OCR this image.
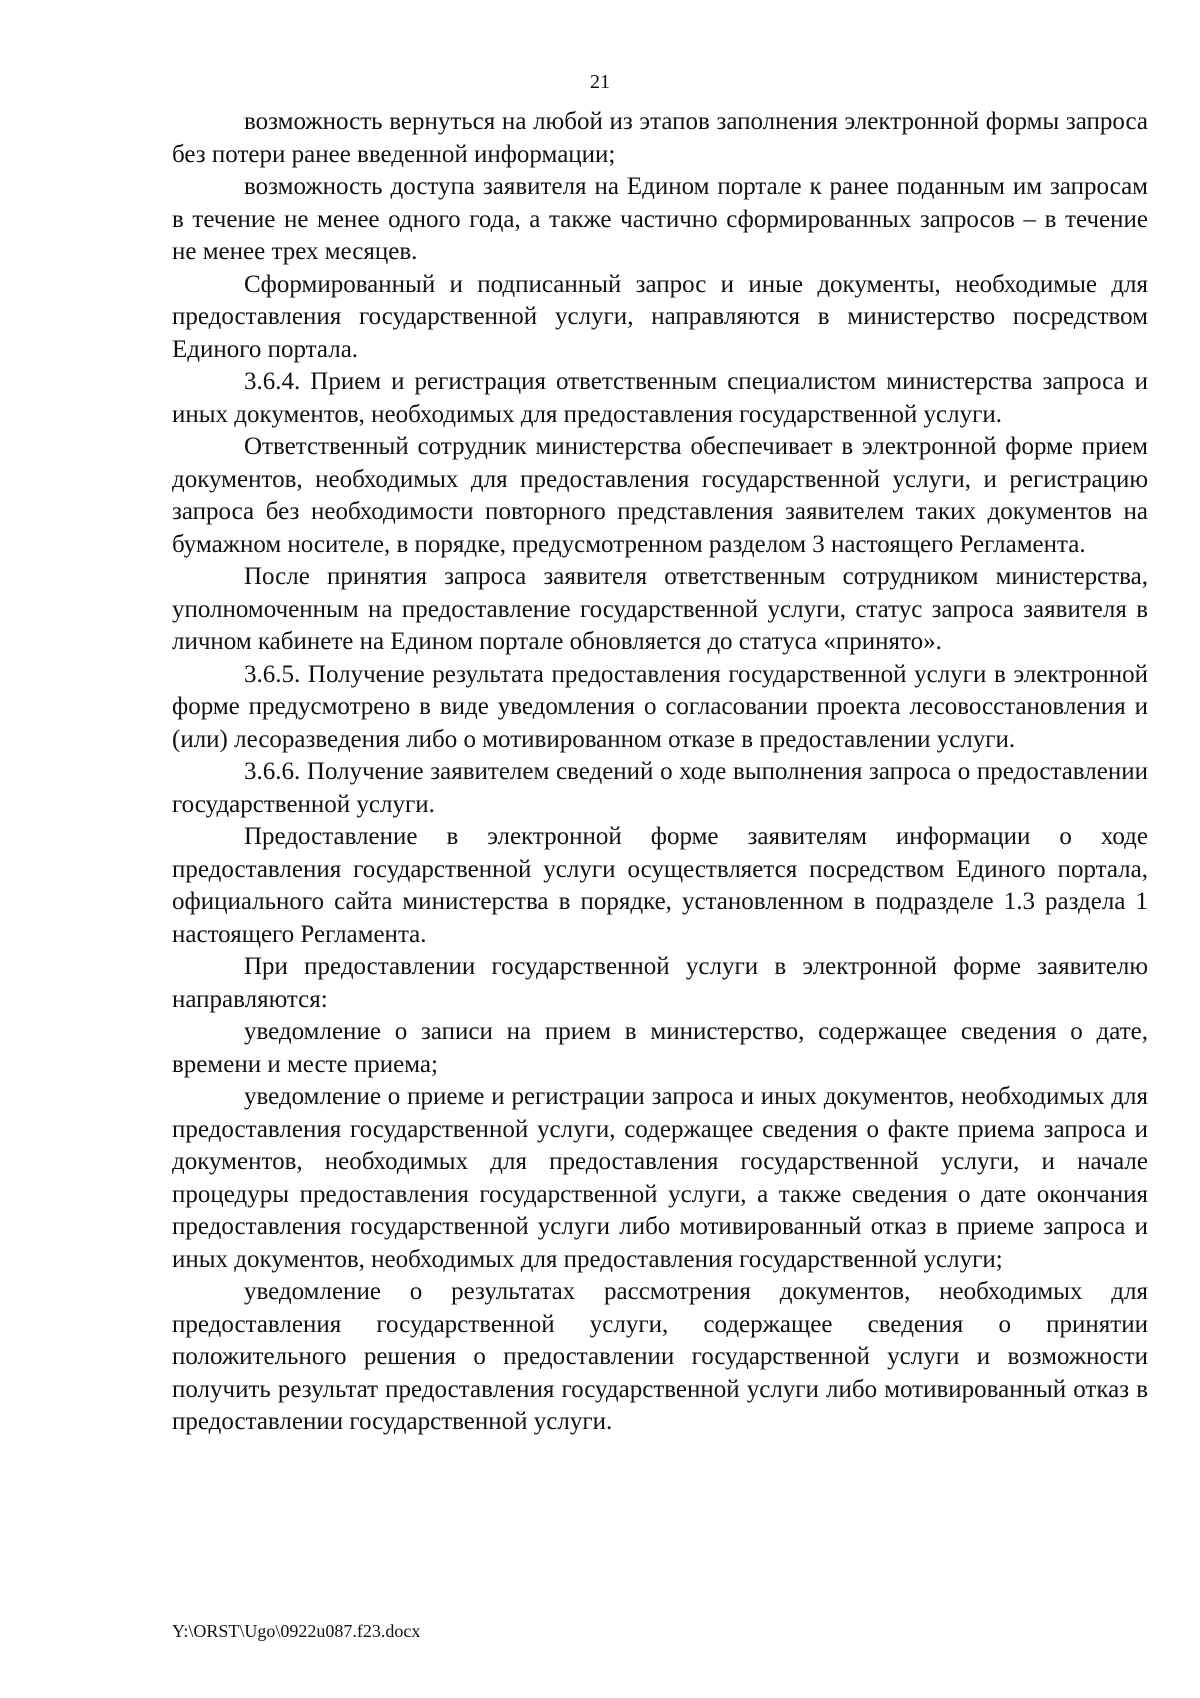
21

возможность вернуться на любой из этапов заполнения электронной формы запроса без потери ранее введенной информации;

возможность доступа заявителя на Едином портале к ранее поданным им запросам в течение не менее одного года, а также частично сформированных запросов – в течение не менее трех месяцев.

Сформированный и подписанный запрос и иные документы, необходимые для предоставления государственной услуги, направляются в министерство посредством Единого портала.

3.6.4. Прием и регистрация ответственным специалистом министерства запроса и иных документов, необходимых для предоставления государственной услуги.

Ответственный сотрудник министерства обеспечивает в электронной форме прием документов, необходимых для предоставления государственной услуги, и регистрацию запроса без необходимости повторного представления заявителем таких документов на бумажном носителе, в порядке, предусмотренном разделом 3 настоящего Регламента.

После принятия запроса заявителя ответственным сотрудником министерства, уполномоченным на предоставление государственной услуги, статус запроса заявителя в личном кабинете на Едином портале обновляется до статуса «принято».

3.6.5. Получение результата предоставления государственной услуги в электронной форме предусмотрено в виде уведомления о согласовании проекта лесовосстановления и (или) лесоразведения либо о мотивированном отказе в предоставлении услуги.

3.6.6. Получение заявителем сведений о ходе выполнения запроса о предоставлении государственной услуги.

Предоставление в электронной форме заявителям информации о ходе предоставления государственной услуги осуществляется посредством Единого портала, официального сайта министерства в порядке, установленном в подразделе 1.3 раздела 1 настоящего Регламента.

При предоставлении государственной услуги в электронной форме заявителю направляются:

уведомление о записи на прием в министерство, содержащее сведения о дате, времени и месте приема;

уведомление о приеме и регистрации запроса и иных документов, необходимых для предоставления государственной услуги, содержащее сведения о факте приема запроса и документов, необходимых для предоставления государственной услуги, и начале процедуры предоставления государственной услуги, а также сведения о дате окончания предоставления государственной услуги либо мотивированный отказ в приеме запроса и иных документов, необходимых для предоставления государственной услуги;

уведомление о результатах рассмотрения документов, необходимых для предоставления государственной услуги, содержащее сведения о принятии положительного решения о предоставлении государственной услуги и возможности получить результат предоставления государственной услуги либо мотивированный отказ в предоставлении государственной услуги.

Y:\ORST\Ugo\0922u087.f23.docx
